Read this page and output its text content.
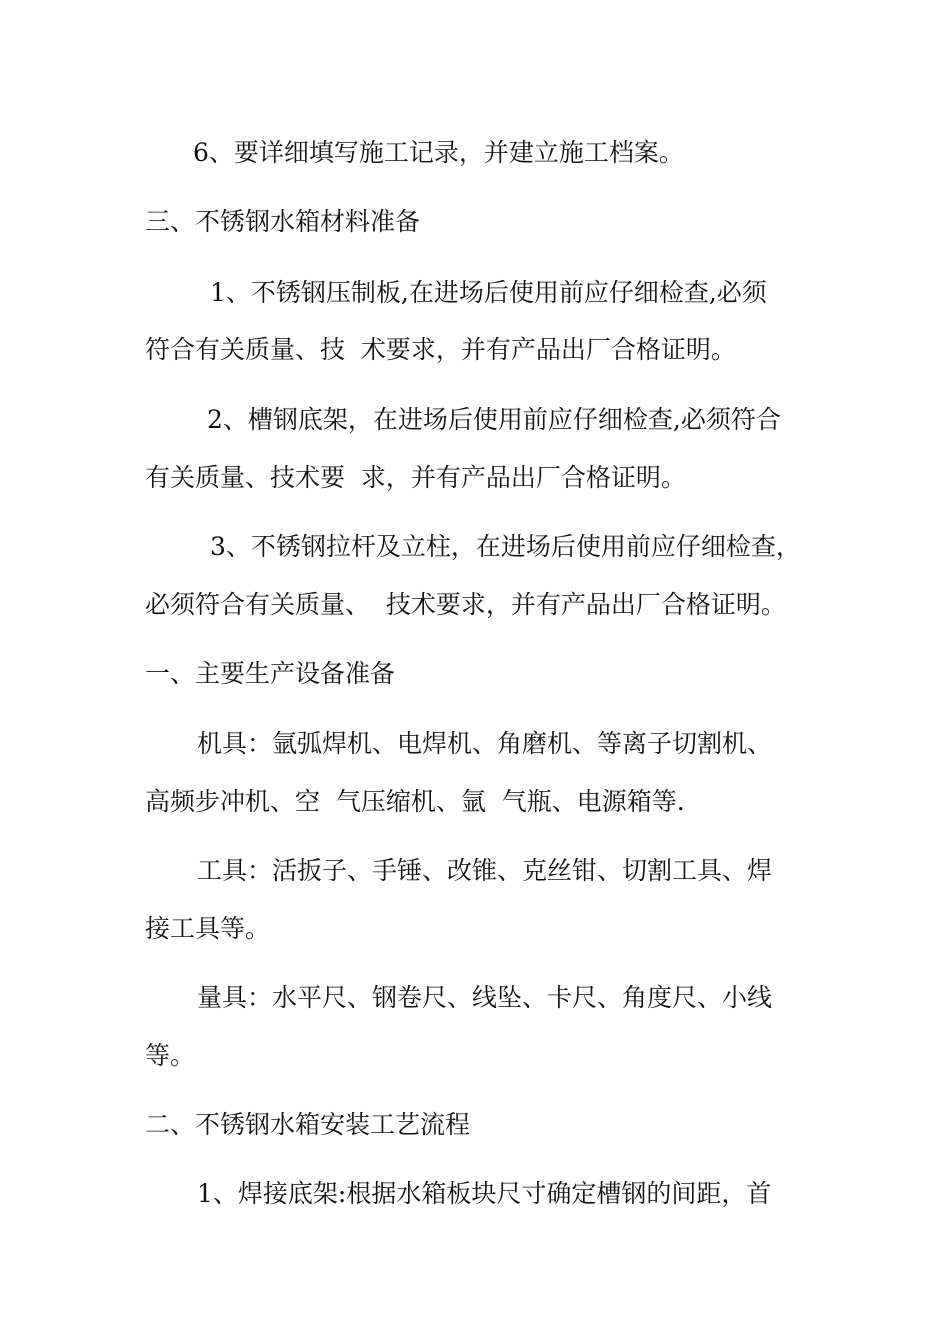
6、要详细填写施工记录，并建立施工档案。

三、不锈钢水箱材料准备

1、不锈钢压制板,在进场后使用前应仔细检查,必须

符合有关质量、技  术要求，并有产品出厂合格证明。

2、槽钢底架，在进场后使用前应仔细检查,必须符合

有关质量、技术要  求，并有产品出厂合格证明。

3、不锈钢拉杆及立柱，在进场后使用前应仔细检查，

必须符合有关质量、  技术要求，并有产品出厂合格证明。

一、主要生产设备准备

机具：氩弧焊机、电焊机、角磨机、等离子切割机、

高频步冲机、空  气压缩机、氩  气瓶、电源箱等.

工具：活扳子、手锤、改锥、克丝钳、切割工具、焊

接工具等。

量具：水平尺、钢卷尺、线坠、卡尺、角度尺、小线

等。

二、不锈钢水箱安装工艺流程

1、焊接底架:根据水箱板块尺寸确定槽钢的间距，首
